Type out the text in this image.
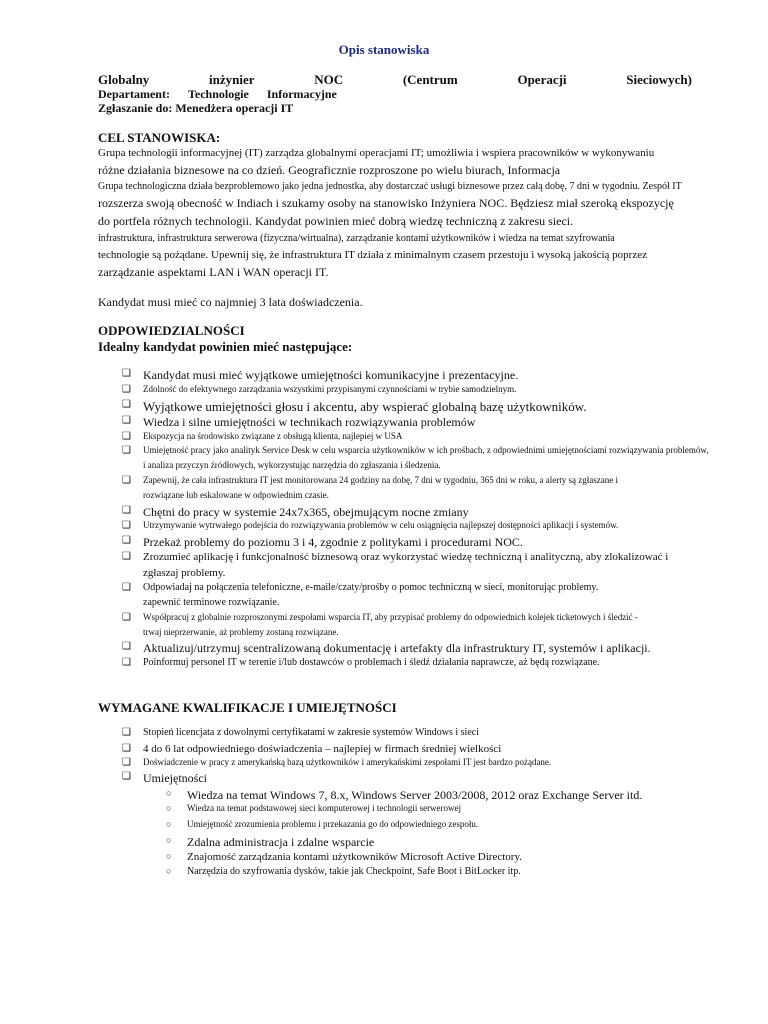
Opis stanowiska
Globalny	inżynier	NOC	(Centrum	Operacji	Sieciowych)
Departament: Technologie Informacyjne
Zgłaszanie do: Menedżera operacji IT
CEL STANOWISKA:
Grupa technologii informacyjnej (IT) zarządza globalnymi operacjami IT; umożliwia i wspiera pracowników w wykonywaniu
różne działania biznesowe na co dzień. Geograficznie rozproszone po wielu biurach, Informacja
Grupa technologiczna działa bezproblemowo jako jedna jednostka, aby dostarczać usługi biznesowe przez całą dobę, 7 dni w tygodniu. Zespół IT
rozszerza swoją obecność w Indiach i szukamy osoby na stanowisko Inżyniera NOC. Będziesz miał szeroką ekspozycję
do portfela różnych technologii. Kandydat powinien mieć dobrą wiedzę techniczną z zakresu sieci.
infrastruktura, infrastruktura serwerowa (fizyczna/wirtualna), zarządzanie kontami użytkowników i wiedza na temat szyfrowania
technologie są pożądane. Upewnij się, że infrastruktura IT działa z minimalnym czasem przestoju i wysoką jakością poprzez
zarządzanie aspektami LAN i WAN operacji IT.
Kandydat musi mieć co najmniej 3 lata doświadczenia.
ODPOWIEDZIALNOŚCI
Idealny kandydat powinien mieć następujące:
❑ Kandydat musi mieć wyjątkowe umiejętności komunikacyjne i prezentacyjne.
❑ Zdolność do efektywnego zarządzania wszystkimi przypisanymi czynnościami w trybie samodzielnym.
❑ Wyjątkowe umiejętności głosu i akcentu, aby wspierać globalną bazę użytkowników.
❑ Wiedza i silne umiejętności w technikach rozwiązywania problemów
❑ Ekspozycja na środowisko związane z obsługą klienta, najlepiej w USA
❑ Umiejętność pracy jako analityk Service Desk w celu wsparcia użytkowników w ich prośbach, z odpowiednimi umiejętnościami rozwiązywania problemów,
i analiza przyczyn źródłowych, wykorzystując narzędzia do zgłaszania i śledzenia.
❑ Zapewnij, że cała infrastruktura IT jest monitorowana 24 godziny na dobę, 7 dni w tygodniu, 365 dni w roku, a alerty są zgłaszane i
rozwiązane lub eskalowane w odpowiednim czasie.
❑ Chętni do pracy w systemie 24x7x365, obejmującym nocne zmiany
❑ Utrzymywanie wytrwałego podejścia do rozwiązywania problemów w celu osiągnięcia najlepszej dostępności aplikacji i systemów.
❑ Przekaż problemy do poziomu 3 i 4, zgodnie z politykami i procedurami NOC.
❑ Zrozumieć aplikację i funkcjonalność biznesową oraz wykorzystać wiedzę techniczną i analityczną, aby zlokalizować i
zgłaszaj problemy.
❑ Odpowiadaj na połączenia telefoniczne, e-maile/czaty/prośby o pomoc techniczną w sieci, monitorując problemy.
zapewnić terminowe rozwiązanie.
❑ Współpracuj z globalnie rozproszonymi zespołami wsparcia IT, aby przypisać problemy do odpowiednich kolejek ticketowych i śledzić -
trwaj nieprzerwanie, aż problemy zostaną rozwiązane.
❑ Aktualizuj/utrzymuj scentralizowaną dokumentację i artefakty dla infrastruktury IT, systemów i aplikacji.
❑ Poinformuj personel IT w terenie i/lub dostawców o problemach i śledź działania naprawcze, aż będą rozwiązane.
WYMAGANE KWALIFIKACJE I UMIEJĘTNOŚCI
❑ Stopień licencjata z dowolnymi certyfikatami w zakresie systemów Windows i sieci
❑ 4 do 6 lat odpowiedniego doświadczenia – najlepiej w firmach średniej wielkości
❑ Doświadczenie w pracy z amerykańską bazą użytkowników i amerykańskimi zespołami IT jest bardzo pożądane.
❑ Umiejętności
○ Wiedza na temat Windows 7, 8.x, Windows Server 2003/2008, 2012 oraz Exchange Server itd.
○ Wiedza na temat podstawowej sieci komputerowej i technologii serwerowej
○ Umiejętność zrozumienia problemu i przekazania go do odpowiedniego zespołu.
○ Zdalna administracja i zdalne wsparcie
○ Znajomość zarządzania kontami użytkowników Microsoft Active Directory.
○ Narzędzia do szyfrowania dysków, takie jak Checkpoint, Safe Boot i BitLocker itp.
